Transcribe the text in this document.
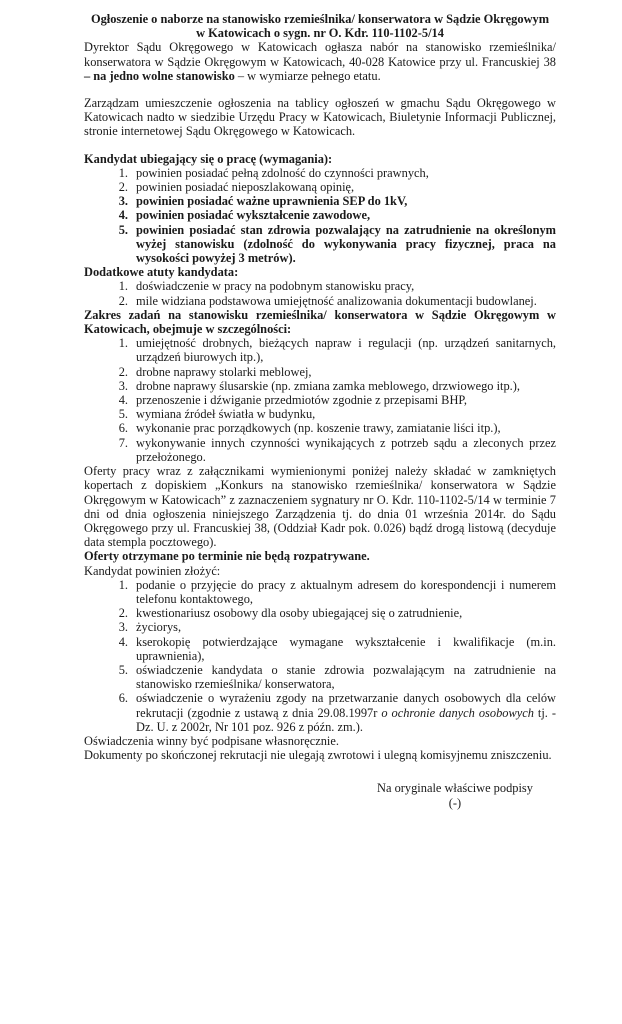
Ogłoszenie o naborze na stanowisko rzemieślnika/ konserwatora w Sądzie Okręgowym

w Katowicach o sygn. nr O. Kdr. 110-1102-5/14

Dyrektor Sądu Okręgowego w Katowicach ogłasza nabór na stanowisko rzemieślnika/ konserwatora w Sądzie Okręgowym w Katowicach, 40-028 Katowice przy ul. Francuskiej 38 – na jedno wolne stanowisko – w wymiarze pełnego etatu.

Zarządzam umieszczenie ogłoszenia na tablicy ogłoszeń w gmachu Sądu Okręgowego w Katowicach nadto w siedzibie Urzędu Pracy w Katowicach, Biuletynie Informacji Publicznej, stronie internetowej Sądu Okręgowego w Katowicach.

Kandydat ubiegający się o pracę (wymagania):

1. powinien posiadać pełną zdolność do czynności prawnych,
2. powinien posiadać nieposzlakowaną opinię,
3. powinien posiadać ważne uprawnienia SEP do 1kV,
4. powinien posiadać wykształcenie zawodowe,
5. powinien posiadać stan zdrowia pozwalający na zatrudnienie na określonym wyżej stanowisku (zdolność do wykonywania pracy fizycznej, praca na wysokości powyżej 3 metrów).

Dodatkowe atuty kandydata:

1. doświadczenie w pracy na podobnym stanowisku pracy,
2. mile widziana podstawowa umiejętność analizowania dokumentacji budowlanej.

Zakres zadań na stanowisku rzemieślnika/ konserwatora w Sądzie Okręgowym w Katowicach, obejmuje w szczególności:

1. umiejętność drobnych, bieżących napraw i regulacji (np. urządzeń sanitarnych, urządzeń biurowych itp.),
2. drobne naprawy stolarki meblowej,
3. drobne naprawy ślusarskie (np. zmiana zamka meblowego, drzwiowego itp.),
4. przenoszenie i dźwiganie przedmiotów zgodnie z przepisami BHP,
5. wymiana źródeł światła w budynku,
6. wykonanie prac porządkowych (np. koszenie trawy, zamiatanie liści itp.),
7. wykonywanie innych czynności wynikających z potrzeb sądu a zleconych przez przełożonego.

Oferty pracy wraz z załącznikami wymienionymi poniżej należy składać w zamkniętych kopertach z dopiskiem „Konkurs na stanowisko rzemieślnika/ konserwatora w Sądzie Okręgowym w Katowicach” z zaznaczeniem sygnatury nr O. Kdr. 110-1102-5/14 w terminie 7 dni od dnia ogłoszenia niniejszego Zarządzenia tj. do dnia 01 września 2014r. do Sądu Okręgowego przy ul. Francuskiej 38, (Oddział Kadr pok. 0.026) bądź drogą listową (decyduje data stempla pocztowego).

Oferty otrzymane po terminie nie będą rozpatrywane.

Kandydat powinien złożyć:

1. podanie o przyjęcie do pracy z aktualnym adresem do korespondencji i numerem telefonu kontaktowego,
2. kwestionariusz osobowy dla osoby ubiegającej się o zatrudnienie,
3. życiorys,
4. kserokopię potwierdzające wymagane wykształcenie i kwalifikacje (m.in. uprawnienia),
5. oświadczenie kandydata o stanie zdrowia pozwalającym na zatrudnienie na stanowisko rzemieślnika/ konserwatora,
6. oświadczenie o wyrażeniu zgody na przetwarzanie danych osobowych dla celów rekrutacji (zgodnie z ustawą z dnia 29.08.1997r o ochronie danych osobowych tj. - Dz. U. z 2002r, Nr 101 poz. 926 z późn. zm.).

Oświadczenia winny być podpisane własnoręcznie.

Dokumenty po skończonej rekrutacji nie ulegają zwrotowi i ulegną komisyjnemu zniszczeniu.

Na oryginale właściwe podpisy

(-)
